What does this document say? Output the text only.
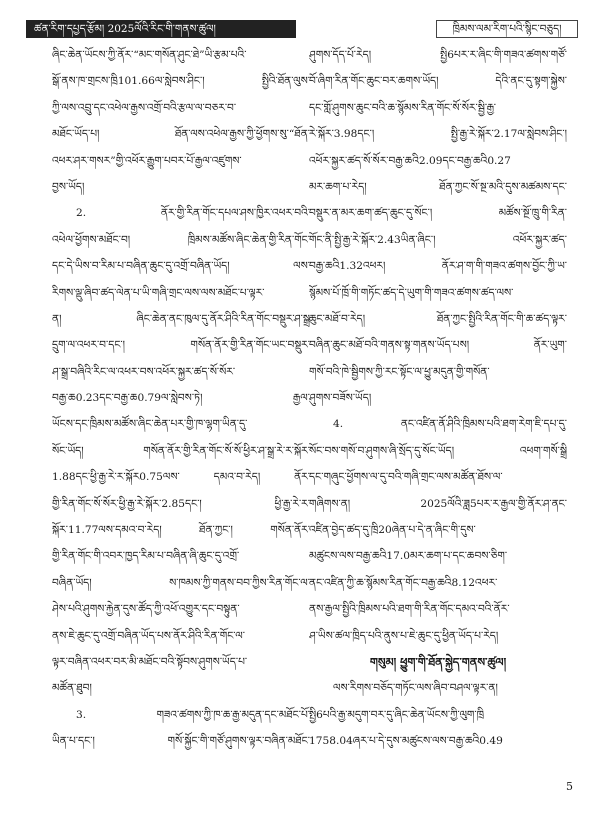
ཚན་རིག་དཔྱད་རྩོམ། 2025ལོའི་རིང་གི་གནས་ཚུལ།	ཁྲིམས་ལམ་རིག་པའི་སྙིང་བཅུད།
ཞིང་ཆེན་ཡོངས་ཀྱི་ནོར་“མང་གསོན་ཤུང་ཐེ”ཡི་རྩམ་པའི་
སྒོ་ནས་ཁ་གྲངས་ཁྲི101.66ལ་སླེབས་ཤིང་། སྤྱིའི་ཐོན་ལུས་
ཀྱི་ལས་འབྲུ་དང་འཕེལ་རྒྱས་འགྲོ་བའི་རྩལ་ལ་བཅར་བ་
མཐོང་ཡོད་པ། ཐོན་ལས་འཕེལ་རྒྱས་ཀྱི་ཕྱོགས་སུ་“ཐོན་
འཕར་ཤར་གསར”གྱི་འཕོར་རྒྱུག་པབར་པོ་རྒྱལ་འཛུགས་
བྱས་ཡོད།
2. ནོར་གྱི་རིན་གོང་དཔལ་ཤས་ཁྱིར་འཕར་བའི་
འཕེལ་ཕྱོགས་མཐོང་བ། ཁྲིམས་མཚོས་ཞིང་ཆེན་གྱི་རིན་གོང་
དང་དེ་ཡིས་བ་རིམ་པ་བཞིན་ཆུང་དུ་འགྲོ་བཞིན་ཡོད། ལས་
རིགས་ལྡུ་ཞིབ་ཚད་ལེན་པ་ཡི་གཞི་གྲང་ལས་ལས་མཐོང་པ་ལྟར་
ན། ཞིང་ཆེན་ནང་ཁུལ་དུ་ནོར་ཤིའི་རིན་གོང་བསྡུར་ཤ་སྒྲ
དྲུག་ལ་འཕར་བ་དང་། གསོན་ནོར་གྱི་རིན་གོང་ཡང་བསྡུར་
ཤ་སྒྲ་བཞིའི་རིང་ལ་འཕར་བས་འཕོར་སྐྱར་ཚད་སོ་སོར་
བརྒྱ་ཆ0.23དང་བརྒྱ་ཆ0.79ལ་སླེབས་ཏེ། རྒྱལ་
ཡོངས་དང་ཁྲིམས་མཚོས་ཞིང་ཆེན་པར་གྱི་ཁ་ལྷག་ཡིན་དུ་
སོང་ཡོད། གསོན་ནོར་གྱི་རིན་གོང་སོ་སོ་ཕྱིར་ཤ་སྒྲ་རེ་ར་སྐོར་
1.88དང་ཕྱི་རྒྱ་རེ་ར་སྐོར0.75ལས་ དམའ་བ་རེད། ནོར་
གྱི་རིན་གོང་སོ་སོར་ཕྱི་རྒྱ་རེ་སྐོར་2.85དང་། ཕྱི་རྒྱ་རེ་ར་
སྐོར་11.77ལས་དམའ་བ་རེད། ཐོན་ཀྱང་། གསོན་ནོར་
གྱི་རིན་གོང་གི་འབར་ཁྱད་རིམ་པ་བཞིན་ཞི་ཆུང་དུ་འགྲོ་
བཞིན་ཡོད། ས་ཁམས་ཀྱི་གནས་བབ་ཀྱིས་རིན་གོང་ལ་
ཤེས་པའི་ཤུགས་རྐྱེན་དུས་ཚོད་ཀྱི་འཕོ་འགྱུར་དང་བསྟུན་
ནས་ཇེ་ཆུང་དུ་འགྲོ་བཞིན་ཡོད་པས་ནོར་ཤིའི་རིན་གོང་ལ་
ལྟར་བཞིན་འཕར་བར་མི་མཐོང་བའི་སྟོབས་ཤུགས་ཡོད་པ་
མཚོན་ཐུབ།
3. གཟའ་ཚགས་ཀྱི་ཁ་ཆ་རྒྱ་མདུན་དང་མཐོང་པོ་
ཡིན་པ་དང་། གསོ་སྐྱོང་གི་གཙོ་ཤུགས་ལྟར་བཞིན་མཐོང་
ཤུགས་དོད་པོ་རེད། སྤྱི6པར་ར་ཞིང་གི་གཟའ་ཚགས་གཙོ་
བོ་ཞིག་རིན་གོང་ཆུང་བར་ཆགས་ཡོད། དེའི་ནང་དུ་སྟག་སྐྱེས་
དང་གློ་ཤུགས་ཆུང་བའི་ཆ་སྙོམས་རིན་གོང་སོ་སོར་སྦྱི་རྒྱ་
རེ་སྐོར་3.98དང་། སྤྱི་རྒྱ་རེ་སྐོར་2.17ལ་སླེབས་ཤིང་།
འཕོར་སྐྱར་ཚད་སོ་སོར་བརྒྱ་ཆའི2.09དང་བརྒྱ་ཆའི0.27
མར་ཆག་པ་རེད། ཐོན་ཀྱང་སོ་སྔ་མའི་དུས་མཚམས་དང་
བསྡུར་ན་མར་ཆག་ཚད་ཆུང་དུ་སོང་། མཚོས་སྔོ་ཁྲུ་གི་རིན་
གོང་ནི་སྤྱི་རྒྱ་རེ་སྐོར་2.43ཡིན་ཞིང་། འཕོར་སྐྱར་ཚད་
བརྒྱ་ཆའི1.32འཕར། ནོར་ཤ་ག་གི་གཟའ་ཚགས་བྱོང་ཀྱི་ཡ་
སྙོམས་པོ་ཁྲོ་གི་གཏོང་ཚད་དེ་ཡུག་གི་གཟའ་ཚགས་ཚད་ལས་
ཆུང་མཐོ་བ་རེད། ཐོན་ཀྱང་སྤྱིའི་རིན་གོང་གི་ཆ་ཚད་ལྟར་
བཞིན་ཆུང་མཐོ་བའི་གནས་སྟ་གནས་ཡོད་པས། ནོར་ཡུག་
གསོ་བའི་ཁེ་སྦྱིགས་ཀྱི་རང་སྟོང་ལ་ཕྱུ་མདུན་གྱི་གསོན་
ཤུགས་བཟོས་ཡོད།
4. ནང་འཛིན་ནོ་ཤིའི་ཁྲིམས་པའི་ཐག་རེག་ཇི་དཔ་དུ་
སོང་བས་གསོ་བ་ཤུགས་ཞི་སྲོད་དུ་སོང་ཡོད། འཕག་གསོ་སྒྲི
དང་གཞུང་ཕྱོགས་ལ་དུ་བའི་གཞི་གྲང་ལས་མཚོན་ཐོས་ལ་
གཞིགས་ན། 2025ལོའི་ཟླ5པར་ར་རྒྱལ་གྱི་ནོར་ཤ་ནང་
འཛིན་བྱེད་ཚད་དུ་ཁྲི20ཞེན་པ་དེ་ན་ཞིང་གི་དུས་
མཚུངས་ལས་བརྒྱ་ཆའི17.0མར་ཆག་པ་དང་ཆབས་ཅིག་
ནང་འཛིན་ཀྱི་ཆ་སྙོམས་རིན་གོང་བརྒྱ་ཆའི8.12འཕར་
ནས་རྒྱལ་སྤྱིའི་ཁྲིམས་པའི་ཐག་གི་རིན་གོང་དམའ་བའི་ནོར་
ཤ་ཡིས་ཚལ་ཁྲིད་པའི་ནུས་པ་ཇེ་ཆུང་དུ་ཕྱིན་ཡོད་པ་རེད།
གསུམ། ཕྱུག་གི་ཐོན་སྐྱེད་གནས་ཚུལ།
ལས་རིགས་བཅོད་གཏོང་ལས་ཞིབ་བཤལ་ལྟར་ན།
སྤྱི6པའི་རྒྱ་མདུག་བར་དུ་ཞིང་ཆེན་ཡོངས་ཀྱི་ལུག་ཁྲི
1758.04ཞར་པ་དེ་དུས་མཚུངས་ལས་བརྒྱ་ཆའི0.49
5
